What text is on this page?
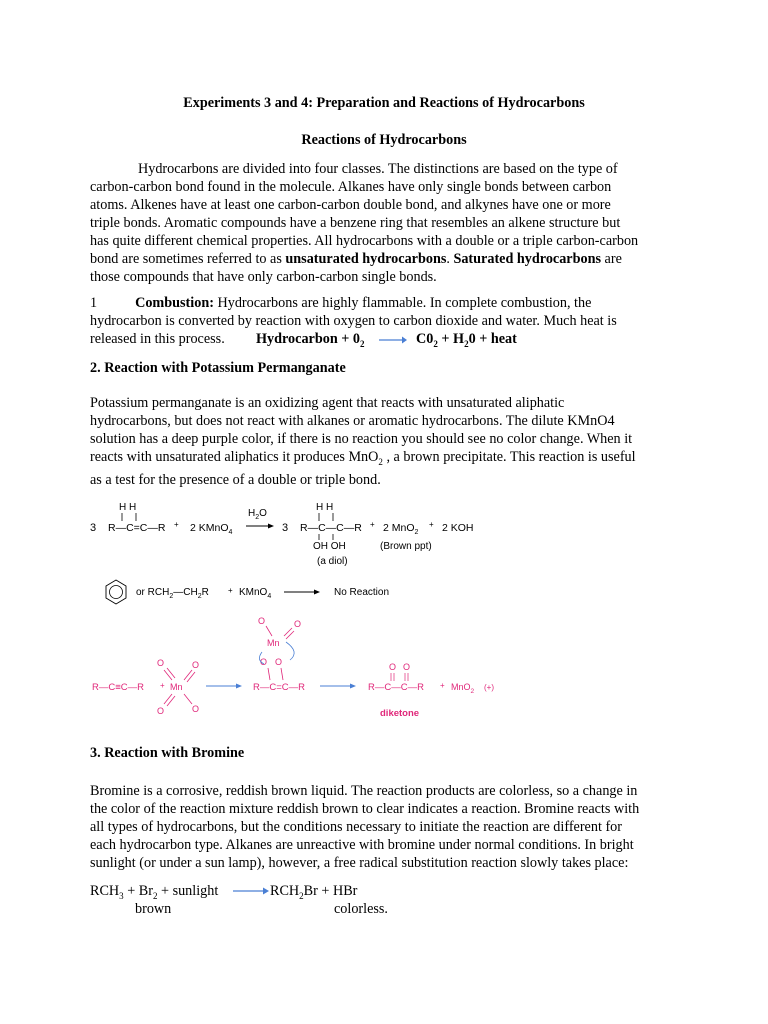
Experiments 3 and 4: Preparation and Reactions of Hydrocarbons
Reactions of Hydrocarbons
Hydrocarbons are divided into four classes. The distinctions are based on the type of
carbon-carbon bond found in the molecule. Alkanes have only single bonds between carbon
atoms. Alkenes have at least one carbon-carbon double bond, and alkynes have one or more
triple bonds. Aromatic compounds have a benzene ring that resembles an alkene structure but
has quite different chemical properties. All hydrocarbons with a double or a triple carbon-carbon
bond are sometimes referred to as unsaturated hydrocarbons. Saturated hydrocarbons are
those compounds that have only carbon-carbon single bonds.
1	Combustion: Hydrocarbons are highly flammable. In complete combustion, the
hydrocarbon is converted by reaction with oxygen to carbon dioxide and water. Much heat is
released in this process.	Hydrocarbon + $0_2$	$C0_2 + H_20$ + heat
2. Reaction with Potassium Permanganate
Potassium permanganate is an oxidizing agent that reacts with unsaturated aliphatic
hydrocarbons, but does not react with alkanes or aromatic hydrocarbons. The dilute KMnO4
solution has a deep purple color, if there is no reaction you should see no color change. When it
reacts with unsaturated aliphatics it produces MnO$_2$ , a brown precipitate. This reaction is useful
as a test for the presence of a double or triple bond.
3
H H
R—C=C—R + 2 KMnO$_4$
$H_2O$
3
H H
R—C—C—R
OH OH
(a diol)
+ 2 MnO$_2$
+ 2 KOH
(Brown ppt)
or $RCH_2—CH_2R$ + KMnO$_4$	No Reaction
R—C≡C—R + Mn
O	O
O	O
R—C=C—R
O O
O
Mn
O
R—C—C—R
O O
+ MnO$_2$ (+)
diketone
3. Reaction with Bromine
Bromine is a corrosive, reddish brown liquid. The reaction products are colorless, so a change in
the color of the reaction mixture reddish brown to clear indicates a reaction. Bromine reacts with
all types of hydrocarbons, but the conditions necessary to initiate the reaction are different for
each hydrocarbon type. Alkanes are unreactive with bromine under normal conditions. In bright
sunlight (or under a sun lamp), however, a free radical substitution reaction slowly takes place:
$RCH_3 + Br_2$ + sunlight	$RCH_2Br$ + HBr
brown	colorless.
